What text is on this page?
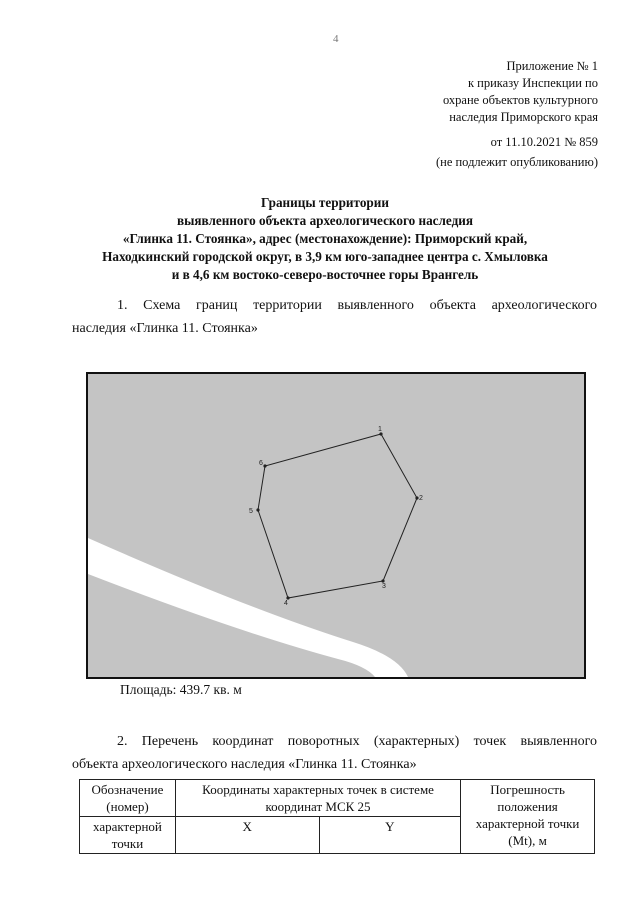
4
Приложение № 1
к приказу Инспекции по
охране объектов культурного
наследия Приморского края
от 11.10.2021 № 859
(не подлежит опубликованию)
Границы территории
выявленного объекта археологического наследия
«Глинка 11. Стоянка», адрес (местонахождение): Приморский край,
Находкинский городской округ, в 3,9 км юго-западнее центра с. Хмыловка
и в 4,6 км востоко-северо-восточнее горы Врангель
1. Схема границ территории выявленного объекта археологического
наследия «Глинка 11. Стоянка»
1
2
3
4
5
6
Площадь: 439.7 кв. м
2. Перечень координат поворотных (характерных) точек выявленного
объекта археологического наследия «Глинка 11. Стоянка»
Обозначение
(номер)	Координаты характерных точек в системе координат МСК 25		Погрешность положения характерной точки (Mt), м

характерной
точки	X	Y	
